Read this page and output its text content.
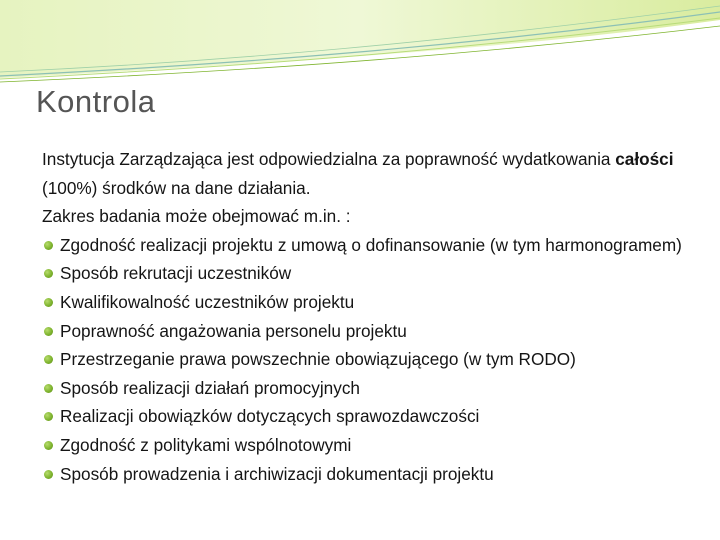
Kontrola

Instytucja Zarządzająca jest odpowiedzialna za poprawność wydatkowania całości (100%) środków na dane działania.

Zakres badania może obejmować m.in. :

Zgodność realizacji projektu z umową o dofinansowanie (w tym harmonogramem)
Sposób rekrutacji uczestników
Kwalifikowalność uczestników projektu
Poprawność angażowania personelu projektu
Przestrzeganie prawa powszechnie obowiązującego (w tym RODO)
Sposób realizacji działań promocyjnych
Realizacji obowiązków dotyczących sprawozdawczości
Zgodność z politykami wspólnotowymi
Sposób prowadzenia i archiwizacji dokumentacji projektu
